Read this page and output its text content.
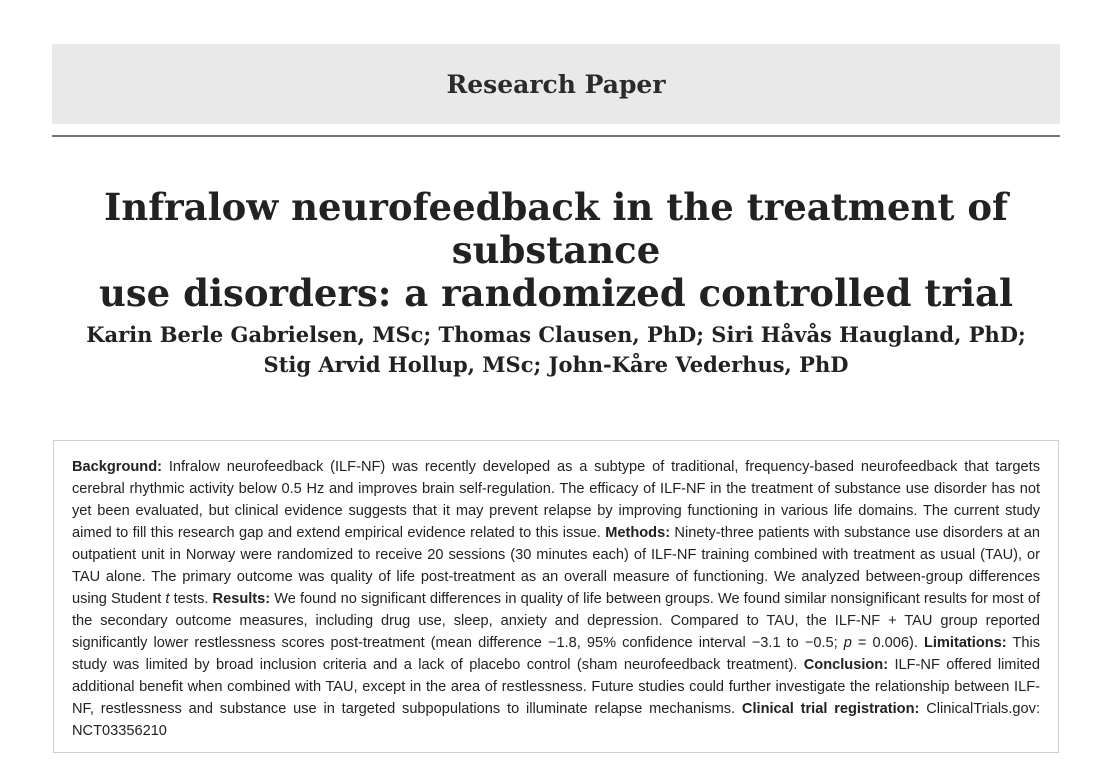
Research Paper
Infralow neurofeedback in the treatment of substance
use disorders: a randomized controlled trial

Karin Berle Gabrielsen, MSc; Thomas Clausen, PhD; Siri Håvås Haugland, PhD;
Stig Arvid Hollup, MSc; John-Kåre Vederhus, PhD

Background: Infralow neurofeedback (ILF-NF) was recently developed as a subtype of traditional, frequency-based neurofeedback that targets cerebral rhythmic activity below 0.5 Hz and improves brain self-regulation. The efficacy of ILF-NF in the treatment of substance use disorder has not yet been evaluated, but clinical evidence suggests that it may prevent relapse by improving functioning in various life domains. The current study aimed to fill this research gap and extend empirical evidence related to this issue. Methods: Ninety-three patients with substance use disorders at an outpatient unit in Norway were randomized to receive 20 sessions (30 minutes each) of ILF-NF training combined with treatment as usual (TAU), or TAU alone. The primary outcome was quality of life post-treatment as an overall measure of functioning. We analyzed between-group differences using Student t tests. Results: We found no significant differences in quality of life between groups. We found similar nonsignificant results for most of the secondary outcome measures, including drug use, sleep, anxiety and depression. Compared to TAU, the ILF-NF + TAU group reported significantly lower restlessness scores post-treatment (mean difference −1.8, 95% confidence interval −3.1 to −0.5; p = 0.006). Limitations: This study was limited by broad inclusion criteria and a lack of placebo control (sham neurofeedback treatment). Conclusion: ILF-NF offered limited additional benefit when combined with TAU, except in the area of restlessness. Future studies could further investigate the relationship between ILF-NF, restlessness and substance use in targeted subpopulations to illuminate relapse mechanisms. Clinical trial registration: ClinicalTrials.gov: NCT03356210
